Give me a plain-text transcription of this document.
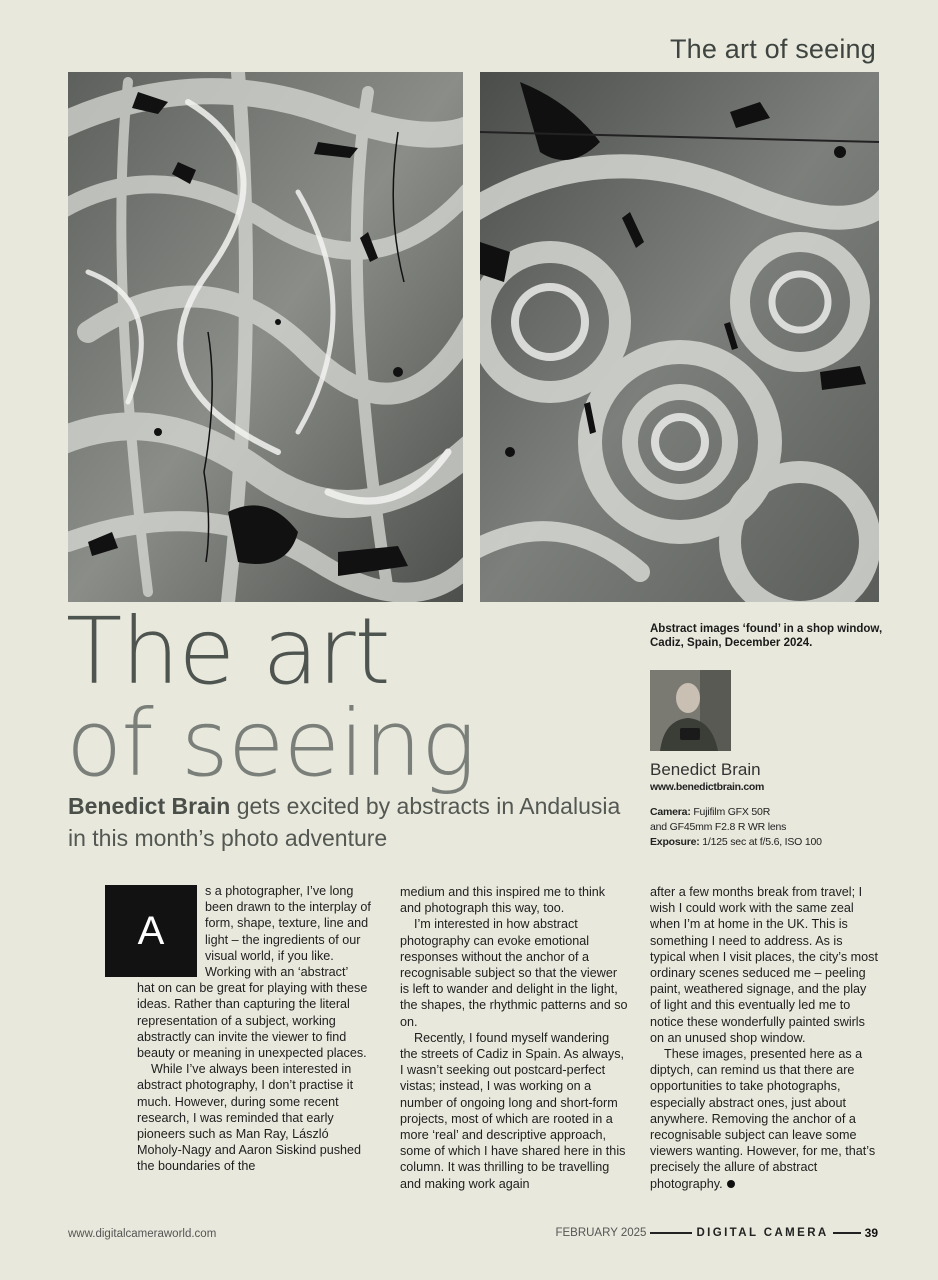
The art of seeing
The art
of seeing

Benedict Brain gets excited by abstracts in Andalusia in this month’s photo adventure

Abstract images ‘found’ in a shop window, Cadiz, Spain, December 2024.

Benedict Brain
www.benedictbrain.com
Camera: Fujifilm GFX 50R
and GF45mm F2.8 R WR lens
Exposure: 1/125 sec at f/5.6, ISO 100
A

s a photographer, I’ve long been drawn to the interplay of form, shape, texture, line and light – the ingredients of our visual world, if you like. Working with an ‘abstract’

hat on can be great for playing with these ideas. Rather than capturing the literal representation of a subject, working abstractly can invite the viewer to find beauty or meaning in unexpected places.

While I’ve always been interested in abstract photography, I don’t practise it much. However, during some recent research, I was reminded that early pioneers such as Man Ray, László Moholy-Nagy and Aaron Siskind pushed the boundaries of the

medium and this inspired me to think and photograph this way, too.

I’m interested in how abstract photography can evoke emotional responses without the anchor of a recognisable subject so that the viewer is left to wander and delight in the light, the shapes, the rhythmic patterns and so on.

Recently, I found myself wandering the streets of Cadiz in Spain. As always, I wasn’t seeking out postcard-perfect vistas; instead, I was working on a number of ongoing long and short-form projects, most of which are rooted in a more ‘real’ and descriptive approach, some of which I have shared here in this column. It was thrilling to be travelling and making work again

after a few months break from travel; I wish I could work with the same zeal when I’m at home in the UK. This is something I need to address. As is typical when I visit places, the city’s most ordinary scenes seduced me – peeling paint, weathered signage, and the play of light and this eventually led me to notice these wonderfully painted swirls on an unused shop window.

These images, presented here as a diptych, can remind us that there are opportunities to take photographs, especially abstract ones, just about anywhere. Removing the anchor of a recognisable subject can leave some viewers wanting. However, for me, that’s precisely the allure of abstract photography.

www.digitalcameraworld.com	FEBRUARY 2025	DIGITAL CAMERA	39
